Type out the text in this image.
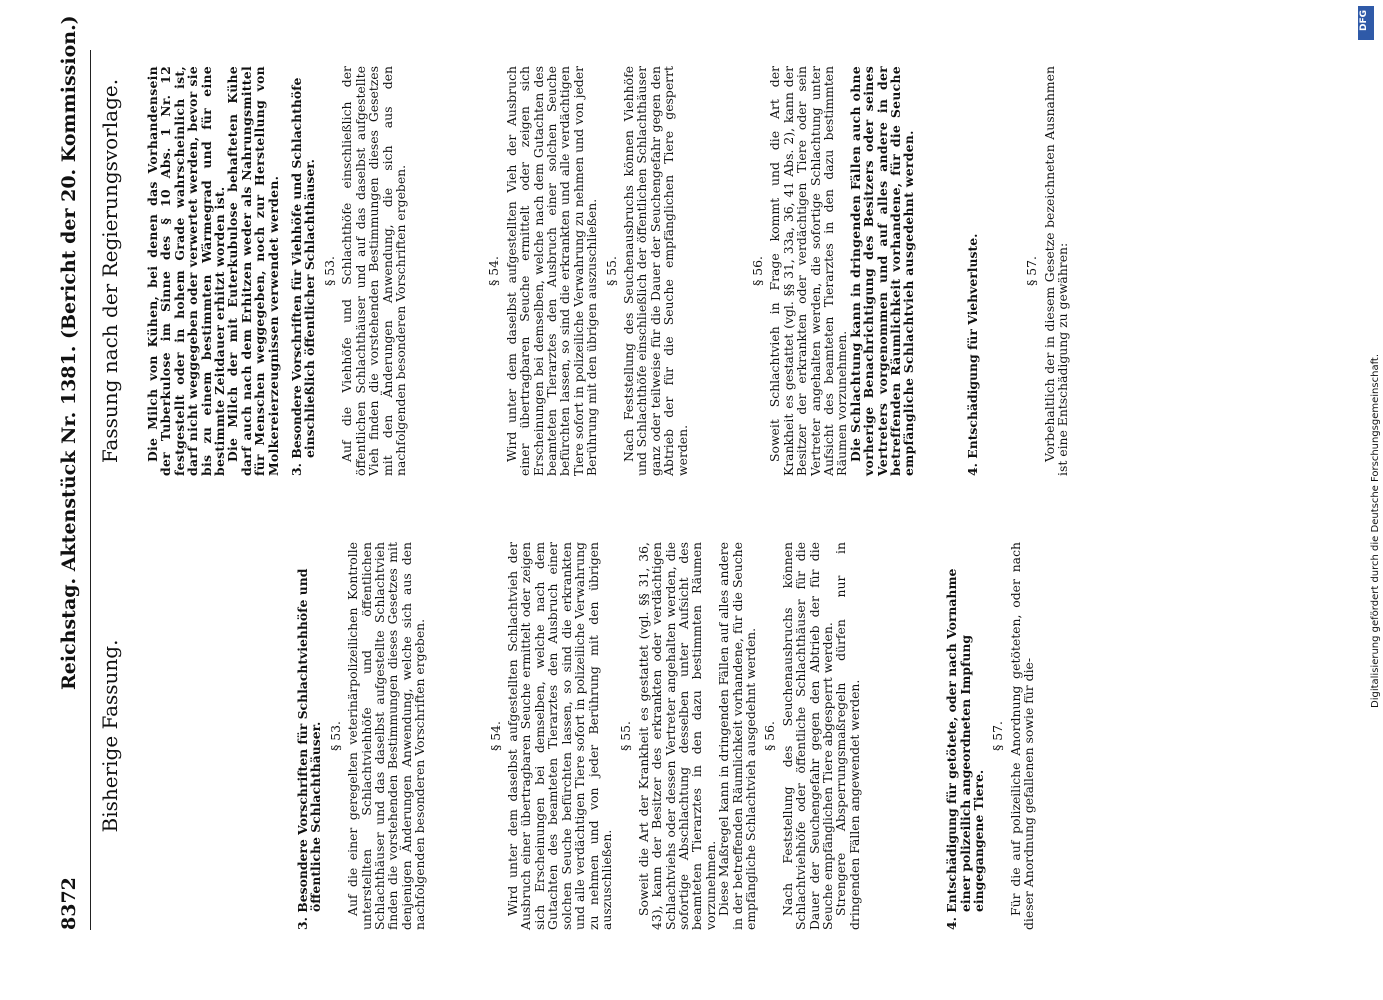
8372
Reichstag. Aktenstück Nr. 1381. (Bericht der 20. Kommission.)
Bisherige Fassung.	3. Besondere Vorschriften für Schlachtviehhöfe und öffentliche Schlachthäuser. § 53. Auf die einer geregelten veterinärpolizeilichen Kontrolle unterstellten Schlachtviehhöfe und öffentlichen Schlachthäuser und das daselbst aufgestellte Schlachtvieh finden die vorstehenden Bestimmungen dieses Gesetzes mit denjenigen Änderungen Anwendung, welche sich aus den nachfolgenden besonderen Vorschriften ergeben.	§ 54. Wird unter dem daselbst aufgestellten Schlachtvieh der Ausbruch einer übertragbaren Seuche ermittelt oder zeigen sich Erscheinungen bei demselben, welche nach dem Gutachten des beamteten Tierarztes den Ausbruch einer solchen Seuche befürchten lassen, so sind die erkrankten und alle verdächtigen Tiere sofort in polizeiliche Verwahrung zu nehmen und von jeder Berührung mit den übrigen auszuschließen.

§ 55. Soweit die Art der Krankheit es gestattet (vgl. §§ 31, 36, 43), kann der Besitzer des erkrankten oder verdächtigen Schlachtviehs oder dessen Vertreter angehalten werden, die sofortige Abschlachtung desselben unter Aufsicht des beamteten Tierarztes in den dazu bestimmten Räumen vorzunehmen.

Diese Maßregel kann in dringenden Fällen auf alles andere in der betreffenden Räumlichkeit vorhandene, für die Seuche empfängliche Schlachtvieh ausgedehnt werden. § 56. Nach Feststellung des Seuchenausbruchs können Schlachtviehhöfe oder öffentliche Schlachthäuser für die Dauer der Seuchengefahr gegen den Abtrieb der für die Seuche empfänglichen Tiere abgesperrt werden.

Strengere Absperrungsmaßregeln dürfen nur in dringenden Fällen angewendet werden.	4. Entschädigung für getötete, oder nach Vornahme einer polizeilich angeordneten Impfung eingegangene Tiere.
§ 57. Für die auf polizeiliche Anordnung getöteten, oder nach dieser Anordnung gefallenen sowie für die-

Fassung nach der Regierungsvorlage. Die Milch von Kühen, bei denen das Vorhandensein der Tuberkulose im Sinne des § 10 Abs. 1 Nr. 12 festgestellt oder in hohem Grade wahrscheinlich ist, darf nicht weggegeben oder verwertet werden, bevor sie bis zu einem bestimmten Wärmegrad und für eine bestimmte Zeitdauer erhitzt worden ist.

Die Milch der mit Euterkubulose behafteten Kühe darf auch nach dem Erhitzen weder als Nahrungsmittel für Menschen weggegeben, noch zur Herstellung von Molkereierzeugnissen verwendet werden. 3. Besondere Vorschriften für Viehhöfe und Schlachthöfe einschließlich öffentlicher Schlachthäuser. § 53. Auf die Viehhöfe und Schlachthöfe einschließlich der öffentlichen Schlachthäuser und auf das daselbst aufgestellte Vieh finden die vorstehenden Bestimmungen dieses Gesetzes mit den Änderungen Anwendung, die sich aus den nachfolgenden besonderen Vorschriften ergeben.	§ 54. Wird unter dem daselbst aufgestellten Vieh der Ausbruch einer übertragbaren Seuche ermittelt oder zeigen sich Erscheinungen bei demselben, welche nach dem Gutachten des beamteten Tierarztes den Ausbruch einer solchen Seuche befürchten lassen, so sind die erkrankten und alle verdächtigen Tiere sofort in polizeiliche Verwahrung zu nehmen und von jeder Berührung mit den übrigen auszuschließen. § 55. Nach Feststellung des Seuchenausbruchs können Viehhöfe und Schlachthöfe einschließlich der öffentlichen Schlachthäuser ganz oder teilweise für die Dauer der Seuchengefahr gegen den Abtrieb der für die Seuche empfänglichen Tiere gesperrt werden.

§ 56. Soweit Schlachtvieh in Frage kommt und die Art der Krankheit es gestattet (vgl. §§ 31, 33a, 36, 41 Abs. 2), kann der Besitzer der erkrankten oder verdächtigen Tiere oder sein Vertreter angehalten werden, die sofortige Schlachtung unter Aufsicht des beamteten Tierarztes in den dazu bestimmten Räumen vorzunehmen.

Die Schlachtung kann in dringenden Fällen auch ohne vorherige Benachrichtigung des Besitzers oder seines Vertreters vorgenommen und auf alles andere in der betreffenden Räumlichkeit vorhandene, für die Seuche empfängliche Schlachtvieh ausgedehnt werden.	4. Entschädigung für Viehverluste.	§ 57. Vorbehaltlich der in diesem Gesetze bezeichneten Ausnahmen ist eine Entschädigung zu gewähren:

DFG
Digitalisierung gefördert durch die Deutsche Forschungsgemeinschaft.
